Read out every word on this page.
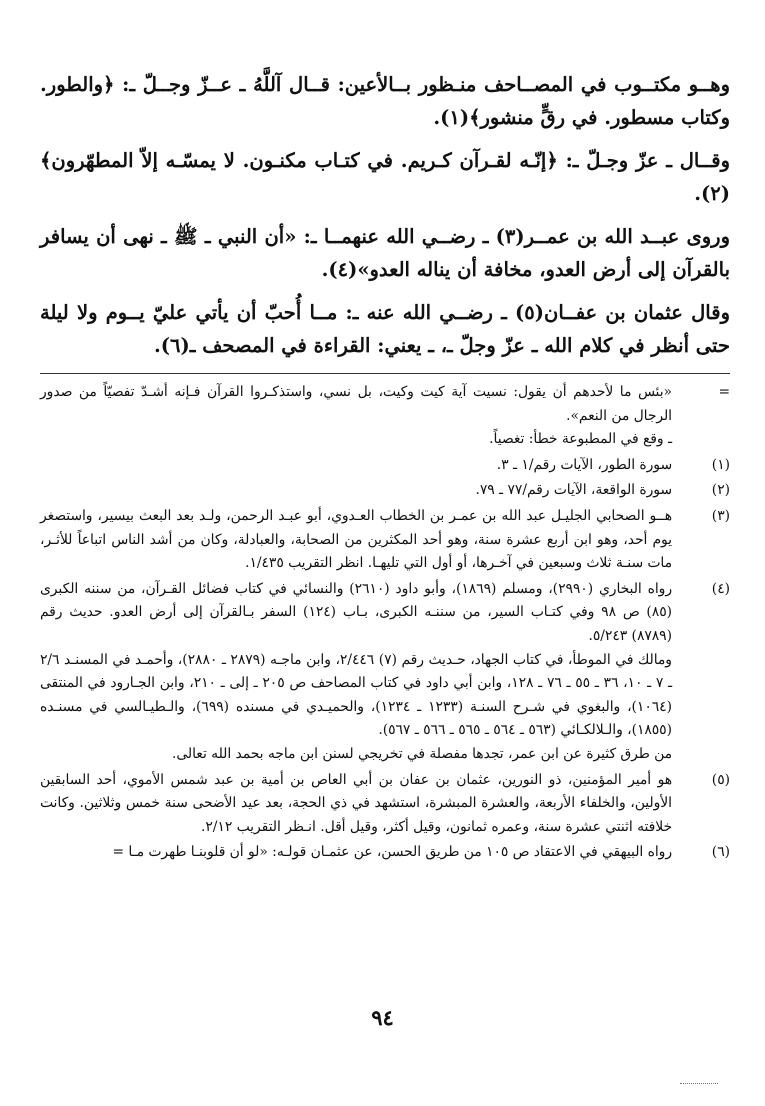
وهــو مكتــوب في المصــاحف منـظور بــالأعين: قــال آللَّهُ ـ عــزّ وجــلّ ـ: ﴿والطور. وكتاب مسطور. في رقٍّ منشور﴾(١).

وقــال ـ عزّ وجـلّ ـ: ﴿إنّـه لقـرآن كـريم. في كتـاب مكنـون. لا يمسّـه إلاّ المطهّرون﴾(٢).

وروى عبــد الله بن عمــر(٣) ـ رضــي الله عنهمــا ـ: «أن النبي ـ ﷺ ـ نهى أن يسافر بالقرآن إلى أرض العدو، مخافة أن يناله العدو»(٤).

وقال عثمان بن عفــان(٥) ـ رضــي الله عنه ـ: مــا أُحبّ أن يأتي عليّ يــوم ولا ليلة حتى أنظر في كلام الله ـ عزّ وجلّ ـ، ـ يعني: القراءة في المصحف ـ(٦).

=

«بئس ما لأحدهم أن يقول: نسيت آية كيت وكيت، بل نسي، واستذكـروا القرآن فـإنه أشـدّ تفصيّاً من صدور الرجال من النعم».

ـ وقع في المطبوعة خطأ: تغصياً.

(١)

سورة الطور، الآيات رقم/١ ـ ٣.

(٢)

سورة الواقعة، الآيات رقم/٧٧ ـ ٧٩.

(٣)

هــو الصحابي الجليـل عبد الله بن عمـر بن الخطاب العـدوي، أبو عبـد الرحمن، ولـد بعد البعث بيسير، واستصغر يوم أحد، وهو ابن أربع عشرة سنة، وهو أحد المكثرين من الصحابة، والعبادلة، وكان من أشد الناس اتباعاً للأثـر، مات سنـة ثلاث وسبعين في آخـرها، أو أول التي تليهـا. انظر التقريب ١/٤٣٥.

(٤)

رواه البخاري (٢٩٩٠)، ومسلم (١٨٦٩)، وأبو داود (٢٦١٠) والنسائي في كتاب فضائل القـرآن، من سننه الكبرى (٨٥) ص ٩٨ وفي كتـاب السير، من سننـه الكبرى، بـاب (١٢٤) السفر بـالقرآن إلى أرض العدو. حديث رقم (٨٧٨٩) ٥/٢٤٣.

ومالك في الموطأ، في كتاب الجهاد، حـديث رقم (٧) ٢/٤٤٦، وابن ماجـه (٢٨٧٩ ـ ٢٨٨٠)، وأحمـد في المسنـد ٢/٦ ـ ٧ ـ ١٠، ٣٦ ـ ٥٥ ـ ٧٦ ـ ١٢٨، وابن أبي داود في كتاب المصاحف ص ٢٠٥ ـ إلى ـ ٢١٠، وابن الجـارود في المنتقى (١٠٦٤)، والبغوي في شـرح السنـة (١٢٣٣ ـ ١٢٣٤)، والحميـدي في مسنده (٦٩٩)، والـطيـالسي في مسنـده (١٨٥٥)، والـلالكـائي (٥٦٣ ـ ٥٦٤ ـ ٥٦٥ ـ ٥٦٦ ـ ٥٦٧).

من طرق كثيرة عن ابن عمر، تجدها مفصلة في تخريجي لسنن ابن ماجه بحمد الله تعالى.

(٥)

هو أمير المؤمنين، ذو النورين، عثمان بن عفان بن أبي العاص بن أمية بن عبد شمس الأموي، أحد السابقين الأولين، والخلفاء الأربعة، والعشرة المبشرة، استشهد في ذي الحجة، بعد عيد الأضحى سنة خمس وثلاثين. وكانت خلافته اثنتي عشرة سنة، وعمره ثمانون، وقيل أكثر، وقيل أقل. انـظر التقريب ٢/١٢.

(٦)

رواه البيهقي في الاعتقاد ص ١٠٥ من طريق الحسن، عن عثمـان قولـه: «لو أن قلوبنـا طهرت مـا =

٩٤
